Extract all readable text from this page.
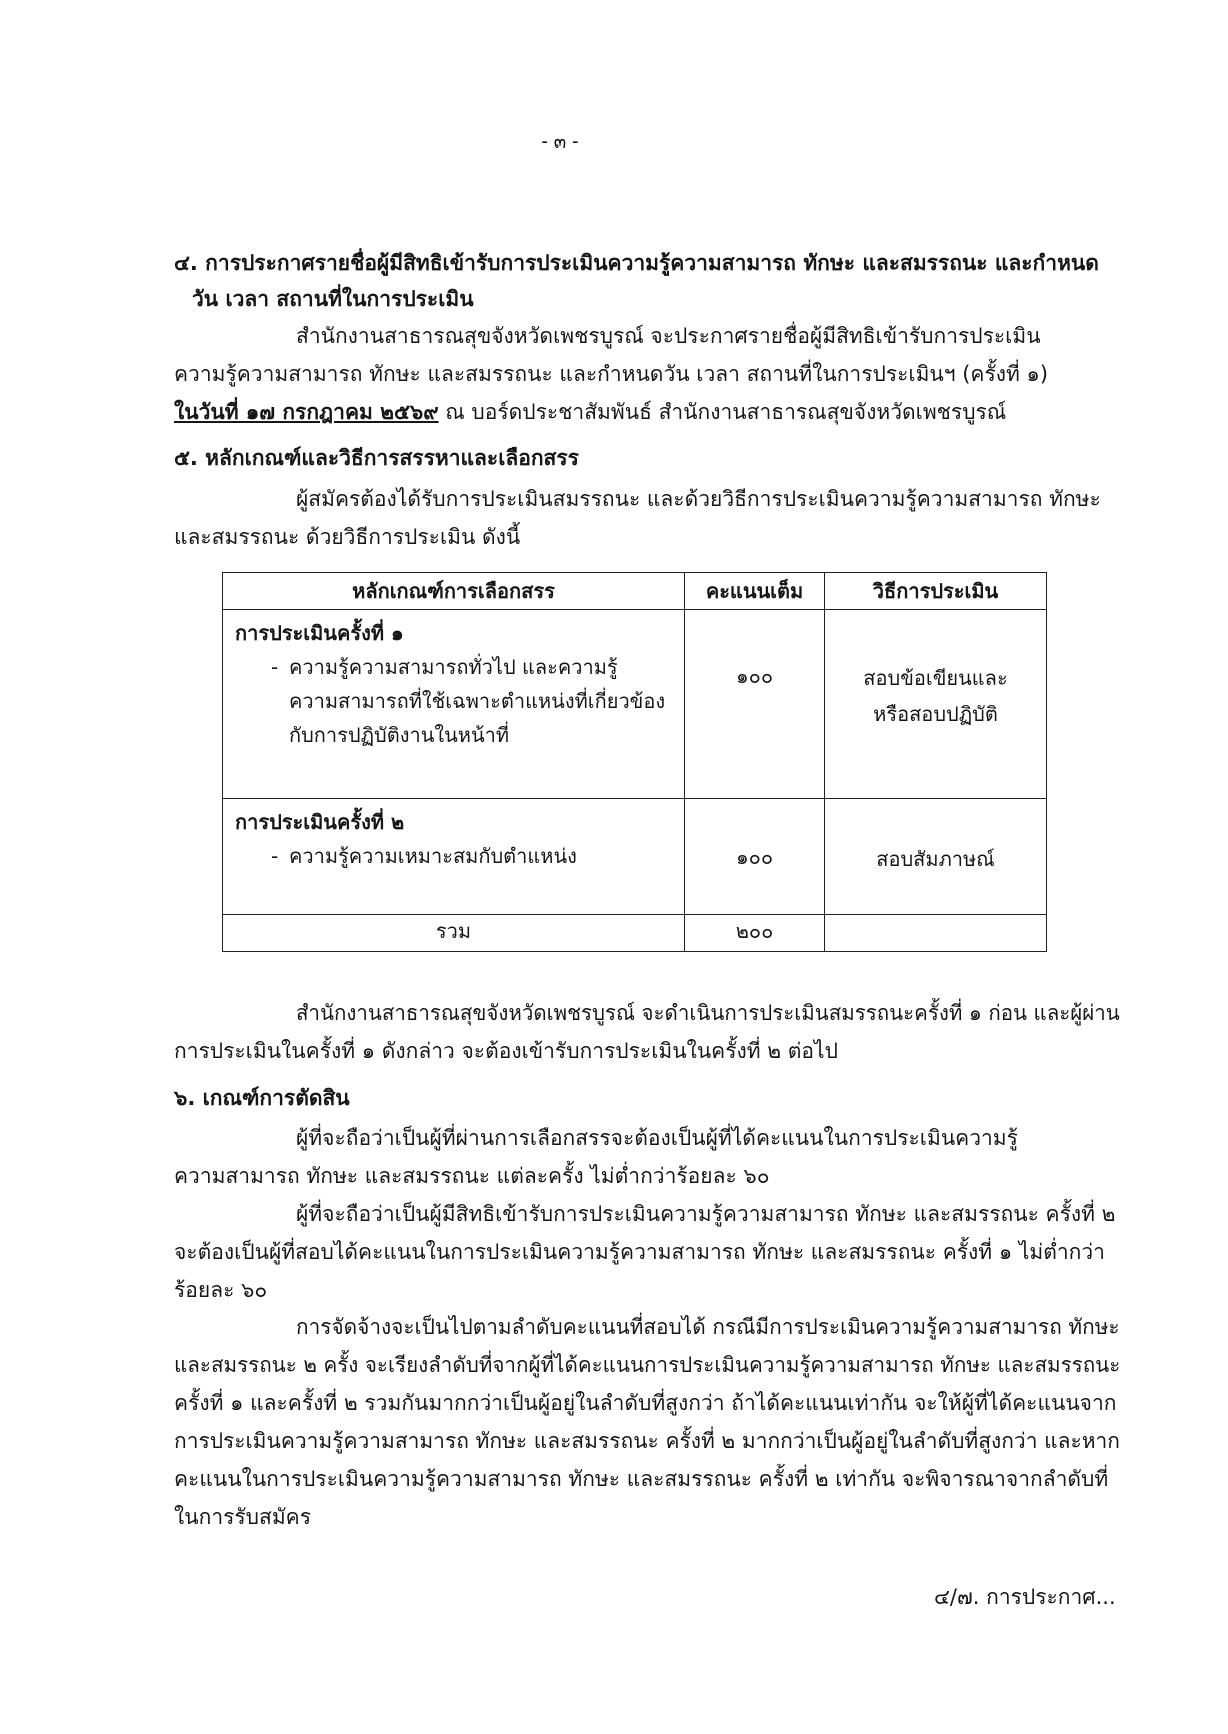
- ๓ -
๔. การประกาศรายชื่อผู้มีสิทธิเข้ารับการประเมินความรู้ความสามารถ ทักษะ และสมรรถนะ และกำหนด
วัน เวลา สถานที่ในการประเมิน
สำนักงานสาธารณสุขจังหวัดเพชรบูรณ์ จะประกาศรายชื่อผู้มีสิทธิเข้ารับการประเมิน
ความรู้ความสามารถ ทักษะ และสมรรถนะ และกำหนดวัน เวลา สถานที่ในการประเมินฯ (ครั้งที่ ๑)
ในวันที่ ๑๗ กรกฎาคม ๒๕๖๙ ณ บอร์ดประชาสัมพันธ์ สำนักงานสาธารณสุขจังหวัดเพชรบูรณ์
๕. หลักเกณฑ์และวิธีการสรรหาและเลือกสรร
ผู้สมัครต้องได้รับการประเมินสมรรถนะ และด้วยวิธีการประเมินความรู้ความสามารถ ทักษะ
และสมรรถนะ ด้วยวิธีการประเมิน ดังนี้
หลักเกณฑ์การเลือกสรร	คะแนนเต็ม	วิธีการประเมิน

การประเมินครั้งที่ ๑
- ความรู้ความสามารถทั่วไป และความรู้
ความสามารถที่ใช้เฉพาะตำแหน่งที่เกี่ยวข้อง
กับการปฏิบัติงานในหน้าที่	๑๐๐	สอบข้อเขียนและ
หรือสอบปฏิบัติ

การประเมินครั้งที่ ๒
- ความรู้ความเหมาะสมกับตำแหน่ง	๑๐๐	สอบสัมภาษณ์

รวม	๒๐๐	
สำนักงานสาธารณสุขจังหวัดเพชรบูรณ์ จะดำเนินการประเมินสมรรถนะครั้งที่ ๑ ก่อน และผู้ผ่าน
การประเมินในครั้งที่ ๑ ดังกล่าว จะต้องเข้ารับการประเมินในครั้งที่ ๒ ต่อไป
๖. เกณฑ์การตัดสิน
ผู้ที่จะถือว่าเป็นผู้ที่ผ่านการเลือกสรรจะต้องเป็นผู้ที่ได้คะแนนในการประเมินความรู้
ความสามารถ ทักษะ และสมรรถนะ แต่ละครั้ง ไม่ต่ำกว่าร้อยละ ๖๐
ผู้ที่จะถือว่าเป็นผู้มีสิทธิเข้ารับการประเมินความรู้ความสามารถ ทักษะ และสมรรถนะ ครั้งที่ ๒
จะต้องเป็นผู้ที่สอบได้คะแนนในการประเมินความรู้ความสามารถ ทักษะ และสมรรถนะ ครั้งที่ ๑ ไม่ต่ำกว่า
ร้อยละ ๖๐
การจัดจ้างจะเป็นไปตามลำดับคะแนนที่สอบได้ กรณีมีการประเมินความรู้ความสามารถ ทักษะ
และสมรรถนะ ๒ ครั้ง จะเรียงลำดับที่จากผู้ที่ได้คะแนนการประเมินความรู้ความสามารถ ทักษะ และสมรรถนะ
ครั้งที่ ๑ และครั้งที่ ๒ รวมกันมากกว่าเป็นผู้อยู่ในลำดับที่สูงกว่า ถ้าได้คะแนนเท่ากัน จะให้ผู้ที่ได้คะแนนจาก
การประเมินความรู้ความสามารถ ทักษะ และสมรรถนะ ครั้งที่ ๒ มากกว่าเป็นผู้อยู่ในลำดับที่สูงกว่า และหาก
คะแนนในการประเมินความรู้ความสามารถ ทักษะ และสมรรถนะ ครั้งที่ ๒ เท่ากัน จะพิจารณาจากลำดับที่
ในการรับสมัคร
๔/๗. การประกาศ...
